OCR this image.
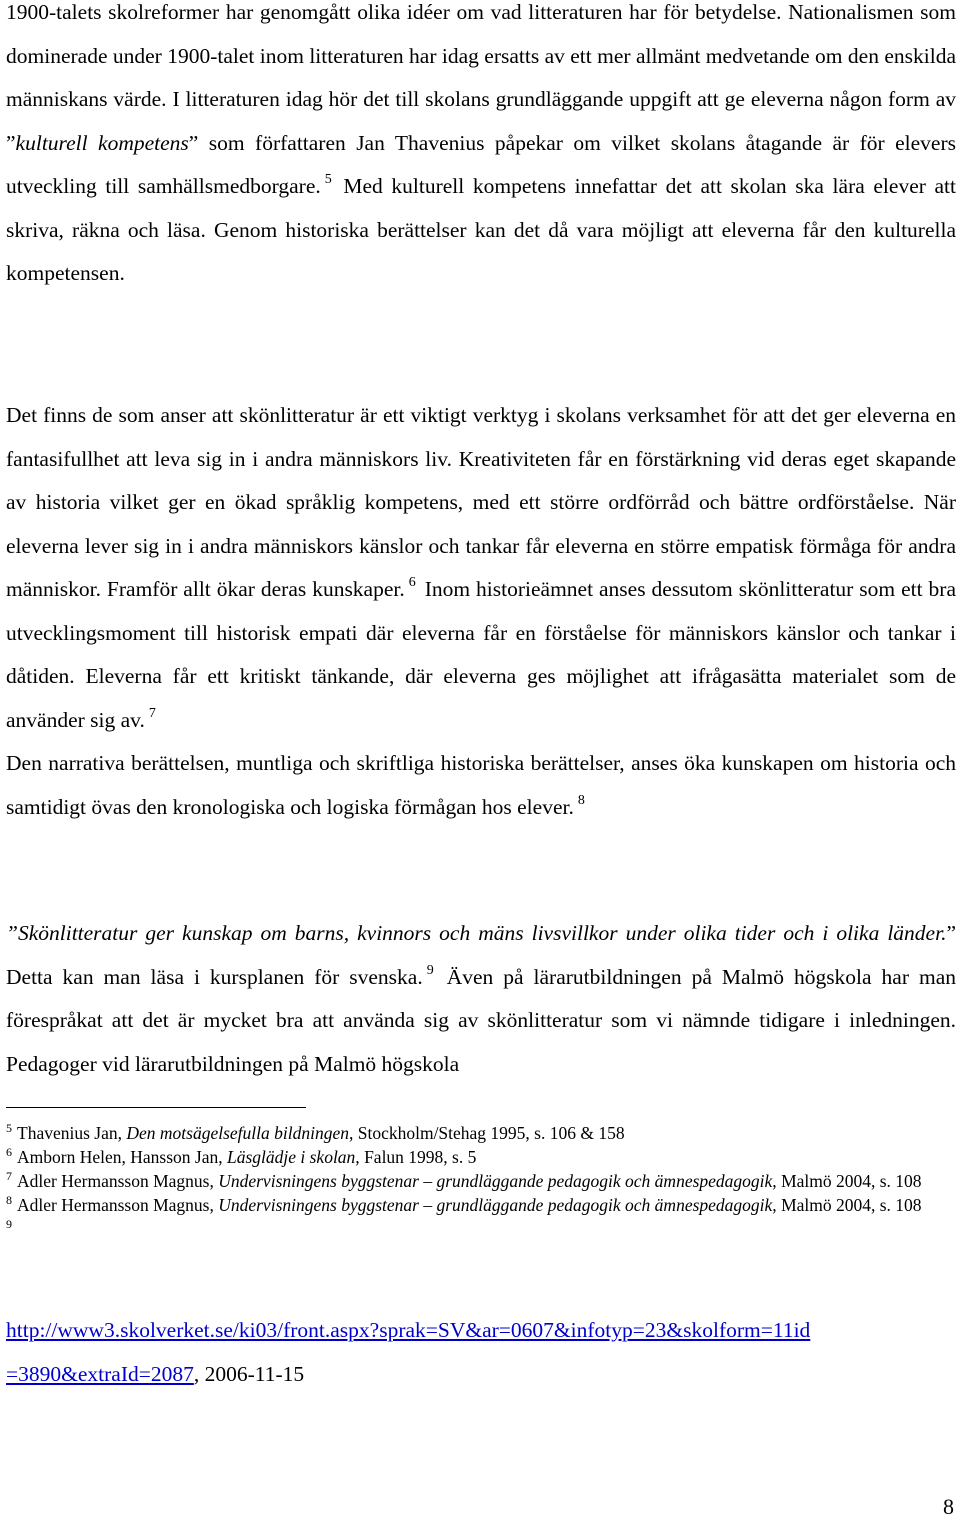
1900-talets skolreformer har genomgått olika idéer om vad litteraturen har för betydelse. Nationalismen som dominerade under 1900-talet inom litteraturen har idag ersatts av ett mer allmänt medvetande om den enskilda människans värde. I litteraturen idag hör det till skolans grundläggande uppgift att ge eleverna någon form av ”kulturell kompetens” som författaren Jan Thavenius påpekar om vilket skolans åtagande är för elevers utveckling till samhällsmedborgare. $^5$ Med kulturell kompetens innefattar det att skolan ska lära elever att skriva, räkna och läsa. Genom historiska berättelser kan det då vara möjligt att eleverna får den kulturella kompetensen.

Det finns de som anser att skönlitteratur är ett viktigt verktyg i skolans verksamhet för att det ger eleverna en fantasifullhet att leva sig in i andra människors liv. Kreativiteten får en förstärkning vid deras eget skapande av historia vilket ger en ökad språklig kompetens, med ett större ordförråd och bättre ordförståelse. När eleverna lever sig in i andra människors känslor och tankar får eleverna en större empatisk förmåga för andra människor. Framför allt ökar deras kunskaper. $^6$ Inom historieämnet anses dessutom skönlitteratur som ett bra utvecklingsmoment till historisk empati där eleverna får en förståelse för människors känslor och tankar i dåtiden. Eleverna får ett kritiskt tänkande, där eleverna ges möjlighet att ifrågasätta materialet som de använder sig av. $^7$
Den narrativa berättelsen, muntliga och skriftliga historiska berättelser, anses öka kunskapen om historia och samtidigt övas den kronologiska och logiska förmågan hos elever. $^8$

”Skönlitteratur ger kunskap om barns, kvinnors och mäns livsvillkor under olika tider och i olika länder.” Detta kan man läsa i kursplanen för svenska. $^9$ Även på lärarutbildningen på Malmö högskola har man förespråkat att det är mycket bra att använda sig av skönlitteratur som vi nämnde tidigare i inledningen. Pedagoger vid lärarutbildningen på Malmö högskola

$^5$ Thavenius Jan, Den motsägelsefulla bildningen, Stockholm/Stehag 1995, s. 106 & 158

$^6$ Amborn Helen, Hansson Jan, Läsglädje i skolan, Falun 1998, s. 5

$^7$ Adler Hermansson Magnus, Undervisningens byggstenar – grundläggande pedagogik och ämnespedagogik, Malmö 2004, s. 108

$^8$ Adler Hermansson Magnus, Undervisningens byggstenar – grundläggande pedagogik och ämnespedagogik, Malmö 2004, s. 108

$^9$

http://www3.skolverket.se/ki03/front.aspx?sprak=SV&ar=0607&infotyp=23&skolform=11id
=3890&extraId=2087, 2006-11-15
8
